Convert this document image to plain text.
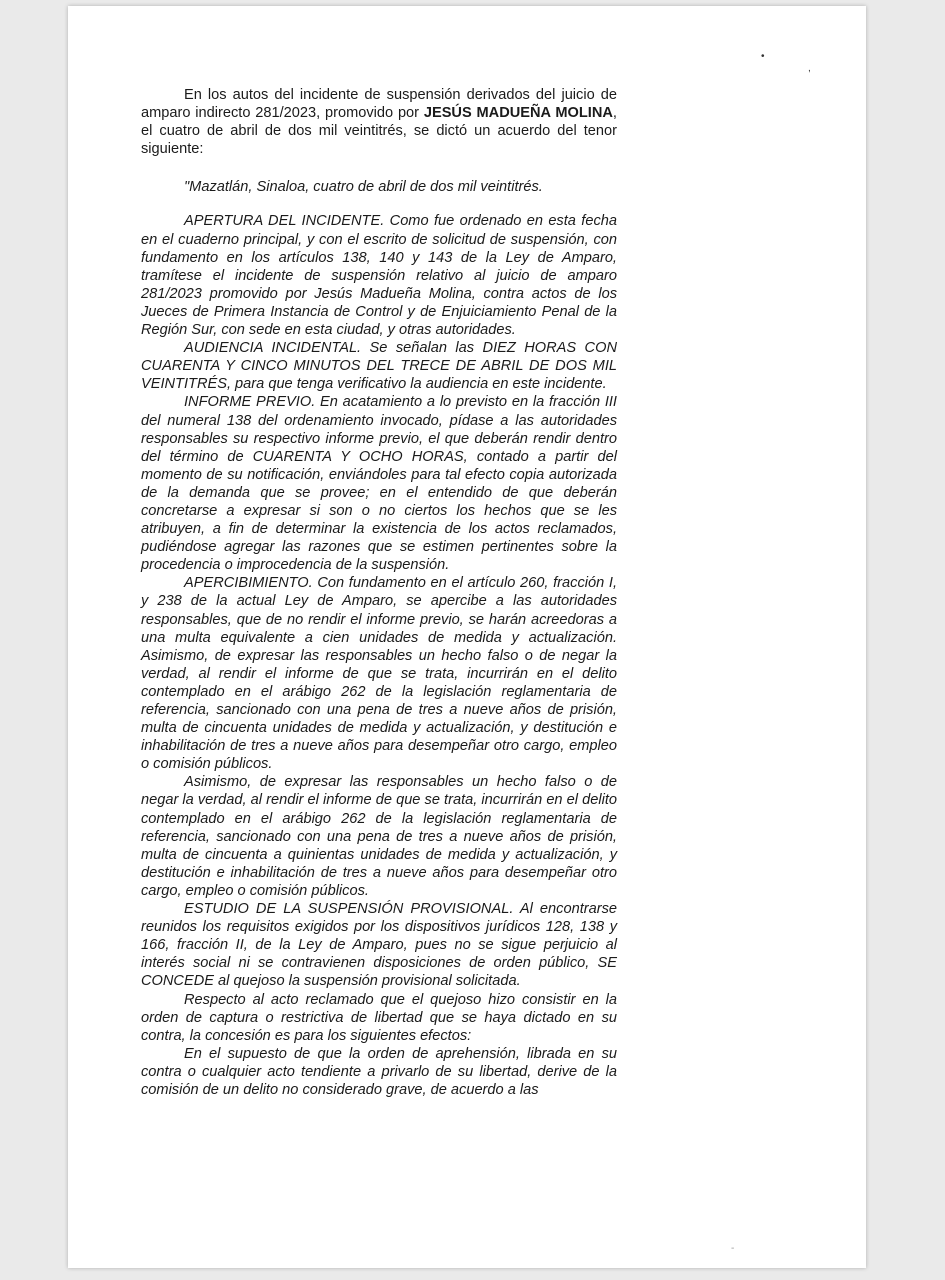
•
,
-

En los autos del incidente de suspensión derivados del juicio de amparo indirecto 281/2023, promovido por JESÚS MADUEÑA MOLINA, el cuatro de abril de dos mil veintitrés, se dictó un acuerdo del tenor siguiente:

"Mazatlán, Sinaloa, cuatro de abril de dos mil veintitrés.

APERTURA DEL INCIDENTE. Como fue ordenado en esta fecha en el cuaderno principal, y con el escrito de solicitud de suspensión, con fundamento en los artículos 138, 140 y 143 de la Ley de Amparo, tramítese el incidente de suspensión relativo al juicio de amparo 281/2023 promovido por Jesús Madueña Molina, contra actos de los Jueces de Primera Instancia de Control y de Enjuiciamiento Penal de la Región Sur, con sede en esta ciudad, y otras autoridades.

AUDIENCIA INCIDENTAL. Se señalan las DIEZ HORAS CON CUARENTA Y CINCO MINUTOS DEL TRECE DE ABRIL DE DOS MIL VEINTITRÉS, para que tenga verificativo la audiencia en este incidente.

INFORME PREVIO. En acatamiento a lo previsto en la fracción III del numeral 138 del ordenamiento invocado, pídase a las autoridades responsables su respectivo informe previo, el que deberán rendir dentro del término de CUARENTA Y OCHO HORAS, contado a partir del momento de su notificación, enviándoles para tal efecto copia autorizada de la demanda que se provee; en el entendido de que deberán concretarse a expresar si son o no ciertos los hechos que se les atribuyen, a fin de determinar la existencia de los actos reclamados, pudiéndose agregar las razones que se estimen pertinentes sobre la procedencia o improcedencia de la suspensión.

APERCIBIMIENTO. Con fundamento en el artículo 260, fracción I, y 238 de la actual Ley de Amparo, se apercibe a las autoridades responsables, que de no rendir el informe previo, se harán acreedoras a una multa equivalente a cien unidades de medida y actualización. Asimismo, de expresar las responsables un hecho falso o de negar la verdad, al rendir el informe de que se trata, incurrirán en el delito contemplado en el arábigo 262 de la legislación reglamentaria de referencia, sancionado con una pena de tres a nueve años de prisión, multa de cincuenta unidades de medida y actualización, y destitución e inhabilitación de tres a nueve años para desempeñar otro cargo, empleo o comisión públicos.

Asimismo, de expresar las responsables un hecho falso o de negar la verdad, al rendir el informe de que se trata, incurrirán en el delito contemplado en el arábigo 262 de la legislación reglamentaria de referencia, sancionado con una pena de tres a nueve años de prisión, multa de cincuenta a quinientas unidades de medida y actualización, y destitución e inhabilitación de tres a nueve años para desempeñar otro cargo, empleo o comisión públicos.

ESTUDIO DE LA SUSPENSIÓN PROVISIONAL. Al encontrarse reunidos los requisitos exigidos por los dispositivos jurídicos 128, 138 y 166, fracción II, de la Ley de Amparo, pues no se sigue perjuicio al interés social ni se contravienen disposiciones de orden público, SE CONCEDE al quejoso la suspensión provisional solicitada.

Respecto al acto reclamado que el quejoso hizo consistir en la orden de captura o restrictiva de libertad que se haya dictado en su contra, la concesión es para los siguientes efectos:

En el supuesto de que la orden de aprehensión, librada en su contra o cualquier acto tendiente a privarlo de su libertad, derive de la comisión de un delito no considerado grave, de acuerdo a las
